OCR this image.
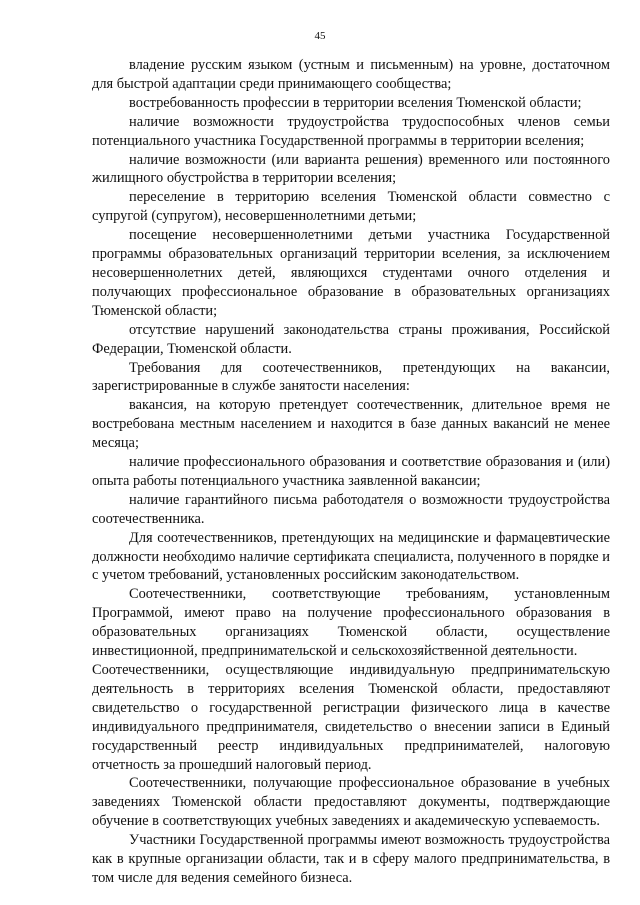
45

владение русским языком (устным и письменным) на уровне, достаточном для быстрой адаптации среди принимающего сообщества;

востребованность профессии в территории вселения Тюменской области;

наличие возможности трудоустройства трудоспособных членов семьи потенциального участника Государственной программы в территории вселения;

наличие возможности (или варианта решения) временного или постоянного жилищного обустройства в территории вселения;

переселение в территорию вселения Тюменской области совместно с супругой (супругом), несовершеннолетними детьми;

посещение несовершеннолетними детьми участника Государственной программы образовательных организаций территории вселения, за исключением несовершеннолетних детей, являющихся студентами очного отделения и получающих профессиональное образование в образовательных организациях Тюменской области;

отсутствие нарушений законодательства страны проживания, Российской Федерации, Тюменской области.

Требования для соотечественников, претендующих на вакансии, зарегистрированные в службе занятости населения:

вакансия, на которую претендует соотечественник, длительное время не востребована местным населением и находится в базе данных вакансий не менее месяца;

наличие профессионального образования и соответствие образования и (или) опыта работы потенциального участника заявленной вакансии;

наличие гарантийного письма работодателя о возможности трудоустройства соотечественника.

Для соотечественников, претендующих на медицинские и фармацевтические должности необходимо наличие сертификата специалиста, полученного в порядке и с учетом требований, установленных российским законодательством.

Соотечественники, соответствующие требованиям, установленным Программой, имеют право на получение профессионального образования в образовательных организациях Тюменской области, осуществление инвестиционной, предпринимательской и сельскохозяйственной деятельности.

Соотечественники, осуществляющие индивидуальную предпринимательскую деятельность в территориях вселения Тюменской области, предоставляют свидетельство о государственной регистрации физического лица в качестве индивидуального предпринимателя, свидетельство о внесении записи в Единый государственный реестр индивидуальных предпринимателей, налоговую отчетность за прошедший налоговый период.

Соотечественники, получающие профессиональное образование в учебных заведениях Тюменской области предоставляют документы, подтверждающие обучение в соответствующих учебных заведениях и академическую успеваемость.

Участники Государственной программы имеют возможность трудоустройства как в крупные организации области, так и в сферу малого предпринимательства, в том числе для ведения семейного бизнеса.
